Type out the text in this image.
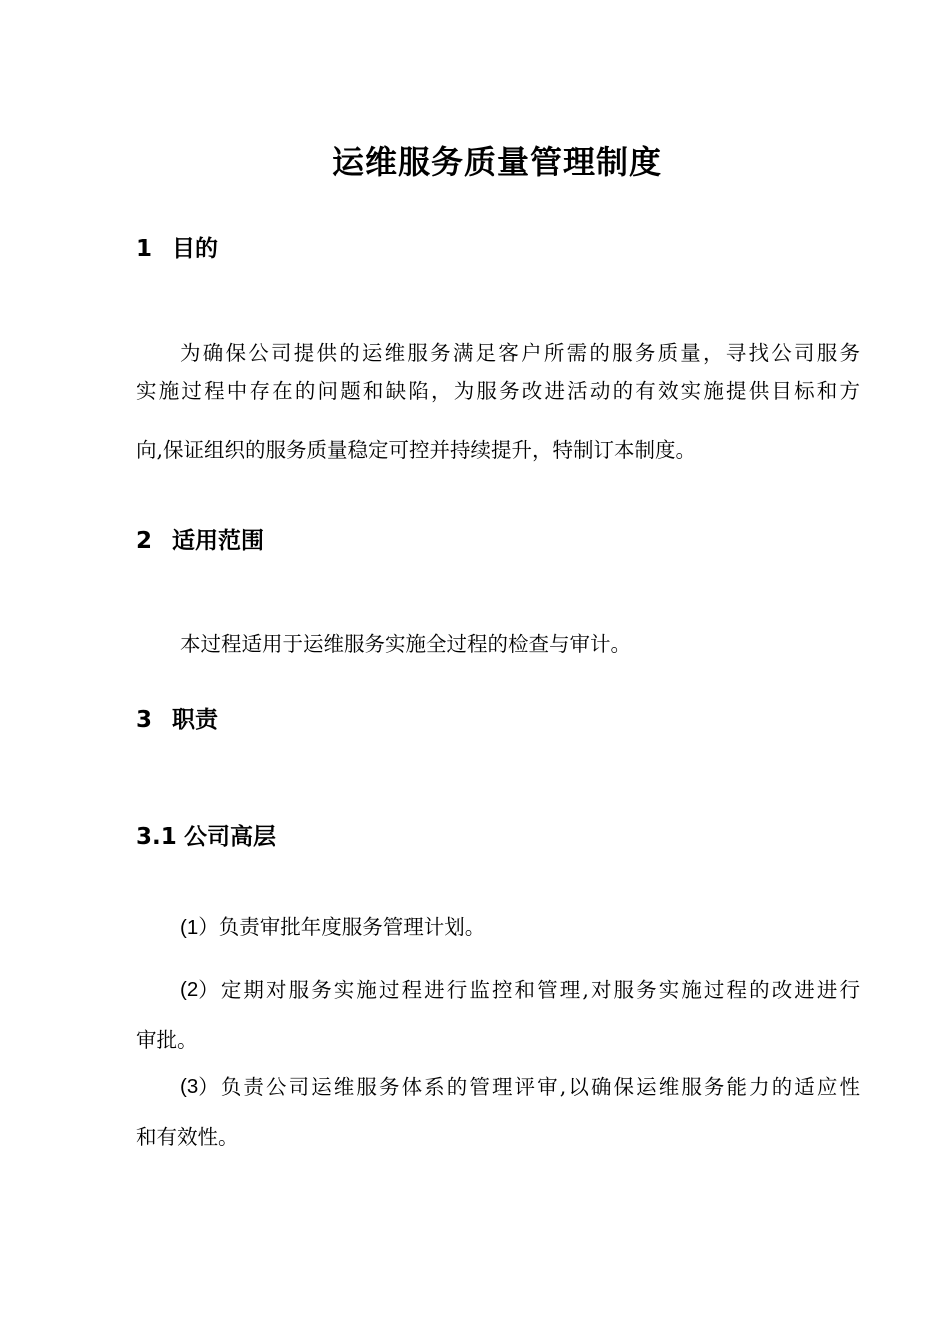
运维服务质量管理制度
1 目的
为确保公司提供的运维服务满足客户所需的服务质量，寻找公司服务
实施过程中存在的问题和缺陷，为服务改进活动的有效实施提供目标和方
向,保证组织的服务质量稳定可控并持续提升，特制订本制度。
2 适用范围
本过程适用于运维服务实施全过程的检查与审计。
3 职责
3.1 公司高层
(1）负责审批年度服务管理计划。
(2 ）定期对服务实施过程进行监控和管理,对服务实施过程的改进进行
审批。
(3 ）负责公司运维服务体系的管理评审,以确保运维服务能力的适应性
和有效性。
